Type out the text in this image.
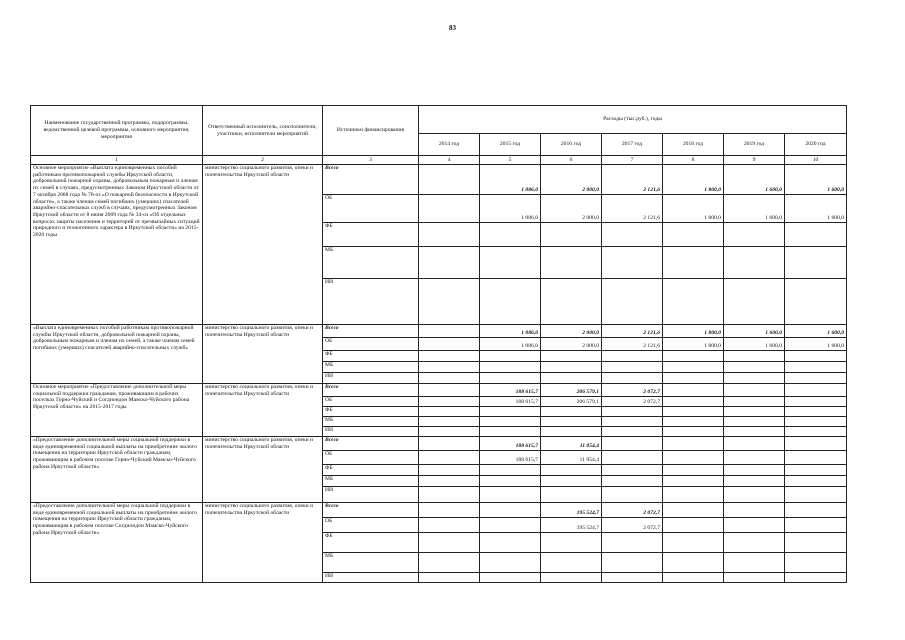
83
Наименование государственной программы, подпрограммы, ведомственной целевой программы, основного мероприятия, мероприятия	Ответственный исполнитель, соисполнители, участники, исполнители мероприятий	Источники финансирования	Расходы (тыс.руб.), годы						
			2014 год	2015 год	2016 год	2017 год	2018 год	2019 год	2020 год
1	2	3	4	5	6	7	8	9	10
Основное мероприятие «Выплата единовременных пособий работникам противопожарной службы Иркутской области, добровольной пожарной охраны, добровольным пожарным и членам их семей в случаях, предусмотренных Законом Иркутской области от 7 октября 2008 года № 78-оз «О пожарной безопасности в Иркутской области», а также членам семей погибших (умерших) спасателей аварийно-спасательных служб в случаях, предусмотренных Законом Иркутской области от 8 июня 2009 года № 34-оз «Об отдельных вопросах защиты населения и территорий от чрезвычайных ситуаций природного и техногенного характера в Иркутской области» на 2015-2020 годы	министерство социального развития, опеки и попечительства Иркутской области	Всего		1 086,0	2 000,0	2 121,6	1 800,0	1 600,0	1 600,0
		ОБ		1 086,0	2 000,0	2 121,6	1 800,0	1 600,0	1 600,0
		ФБ							
		МБ							
		ИИ							
«Выплата единовременных пособий работникам противопожарной службы Иркутской области, добровольной пожарной охраны, добровольным пожарным и членам их семей, а также членам семей погибших (умерших) спасателей аварийно-спасательных служб»	министерство социального развития, опеки и попечительства Иркутской области	Всего		1 086,0	2 000,0	2 121,6	1 800,0	1 600,0	1 600,0
		ОБ		1 086,0	2 000,0	2 121,6	1 800,0	1 600,0	1 600,0
		ФБ							
		МБ							
		ИИ							
Основное мероприятие «Предоставление дополнительной меры социальной поддержки гражданам, проживающим в рабочих поселках Горно-Чуйский и Согдиондон Мамско-Чуйского района Иркутской области» на 2015-2017 годы	министерство социального развития, опеки и попечительства Иркутской области	Всего		188 615,7	206 579,1	2 072,7			
		ОБ		188 615,7	206 579,1	2 072,7			
		ФБ							
		МБ							
		ИИ							
«Предоставление дополнительной меры социальной поддержки в виде единовременной социальной выплаты на приобретение жилого помещения на территории Иркутской области гражданам, проживающим в рабочем поселке Горно-Чуйский Мамско-Чуйского района Иркутской области»	министерство социального развития, опеки и попечительства Иркутской области	Всего		188 615,7	11 054,4				
		ОБ		188 615,7	11 054,4				
		ФБ							
		МБ							
		ИИ							
«Предоставление дополнительной меры социальной поддержки в виде единовременной социальной выплаты на приобретение жилого помещения на территории Иркутской области гражданам, проживающим в рабочем поселке Согдиондон Мамско-Чуйского района Иркутской области»	министерство социального развития, опеки и попечительства Иркутской области	Всего			195 524,7	2 072,7			
		ОБ			195 524,7	2 072,7			
		ФБ							
		МБ							
		ИИ							
